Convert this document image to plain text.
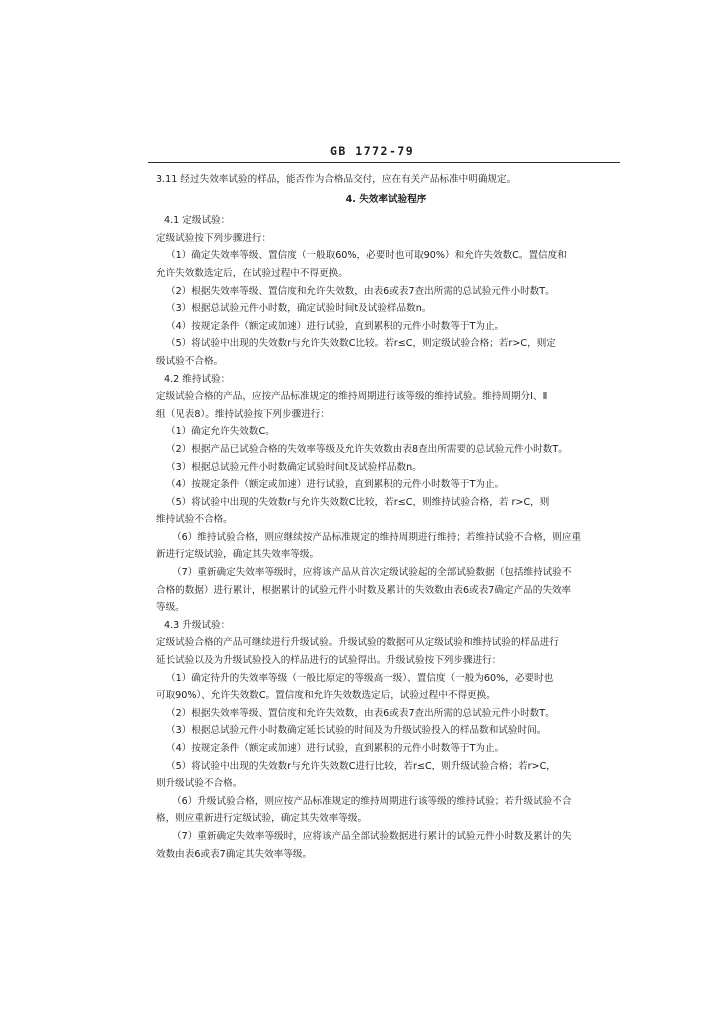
GB 1772-79

3.11 经过失效率试验的样品，能否作为合格品交付，应在有关产品标准中明确规定。

4. 失效率试验程序

4.1 定级试验：

定级试验按下列步骤进行：

（1）确定失效率等级、置信度（一般取60%，必要时也可取90%）和允许失效数C。置信度和

允许失效数选定后，在试验过程中不得更换。

（2）根据失效率等级、置信度和允许失效数，由表6或表7查出所需的总试验元件小时数T。

（3）根据总试验元件小时数，确定试验时间t及试验样品数n。

（4）按规定条件（额定或加速）进行试验，直到累积的元件小时数等于T为止。

（5）将试验中出现的失效数r与允许失效数C比较。若r≤C，则定级试验合格；若r>C，则定

级试验不合格。

4.2 维持试验：

定级试验合格的产品，应按产品标准规定的维持周期进行该等级的维持试验。维持周期分Ⅰ、Ⅱ

组（见表8）。维持试验按下列步骤进行：

（1）确定允许失效数C。

（2）根据产品已试验合格的失效率等级及允许失效数由表8查出所需要的总试验元件小时数T。

（3）根据总试验元件小时数确定试验时间t及试验样品数n。

（4）按规定条件（额定或加速）进行试验，直到累积的元件小时数等于T为止。

（5）将试验中出现的失效数r与允许失效数C比较，若r≤C，则维持试验合格，若 r>C，则

维持试验不合格。

（6）维持试验合格，则应继续按产品标准规定的维持周期进行维持；若维持试验不合格，则应重

新进行定级试验，确定其失效率等级。

（7）重新确定失效率等级时，应将该产品从首次定级试验起的全部试验数据（包括维持试验不

合格的数据）进行累计，根据累计的试验元件小时数及累计的失效数由表6或表7确定产品的失效率

等级。

4.3 升级试验：

定级试验合格的产品可继续进行升级试验。升级试验的数据可从定级试验和维持试验的样品进行

延长试验以及为升级试验投入的样品进行的试验得出。升级试验按下列步骤进行：

（1）确定待升的失效率等级（一般比原定的等级高一级）、置信度（一般为60%，必要时也

可取90%）、允许失效数C。置信度和允许失效数选定后，试验过程中不得更换。

（2）根据失效率等级、置信度和允许失效数，由表6或表7查出所需的总试验元件小时数T。

（3）根据总试验元件小时数确定延长试验的时间及为升级试验投入的样品数和试验时间。

（4）按规定条件（额定或加速）进行试验，直到累积的元件小时数等于T为止。

（5）将试验中出现的失效数r与允许失效数C进行比较，若r≤C，则升级试验合格；若r>C，

则升级试验不合格。

（6）升级试验合格，则应按产品标准规定的维持周期进行该等级的维持试验；若升级试验不合

格，则应重新进行定级试验，确定其失效率等级。

（7）重新确定失效率等级时，应将该产品全部试验数据进行累计的试验元件小时数及累计的失

效数由表6或表7确定其失效率等级。
